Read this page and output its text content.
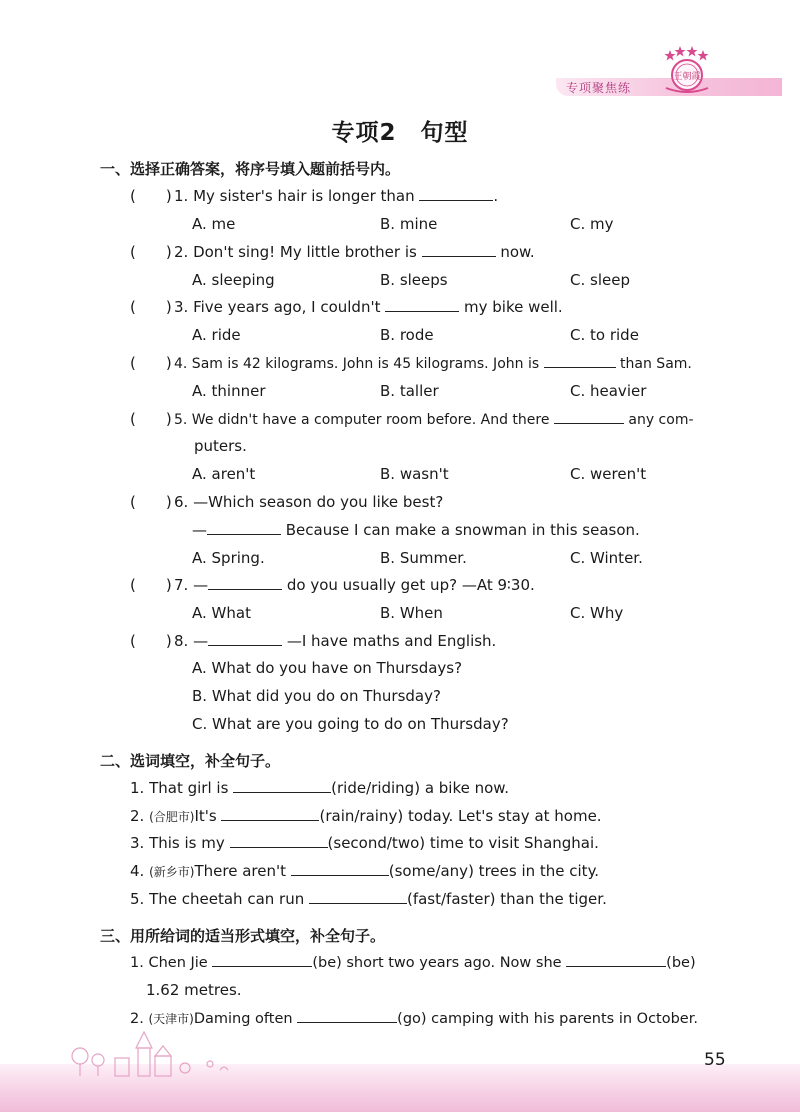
专项聚焦练
王朝霞
专项2　句型
一、选择正确答案，将序号填入题前括号内。
(　　) 1. My sister's hair is longer than	.
A. me	B. mine	C. my
(　　) 2. Don't sing! My little brother is	now.
A. sleeping	B. sleeps	C. sleep
(　　) 3. Five years ago, I couldn't	my bike well.
A. ride	B. rode	C. to ride
(　　) 4. Sam is 42 kilograms. John is 45 kilograms. John is	than Sam.
A. thinner	B. taller	C. heavier
(　　) 5. We didn't have a computer room before. And there	any com-
puters.
A. aren't	B. wasn't	C. weren't
(　　) 6. —Which season do you like best?
—	Because I can make a snowman in this season.
A. Spring.	B. Summer.	C. Winter.
(　　) 7. —	do you usually get up? —At 9∶30.
A. What	B. When	C. Why
(　　) 8. —	—I have maths and English.
A. What do you have on Thursdays?
B. What did you do on Thursday?
C. What are you going to do on Thursday?
二、选词填空，补全句子。
1. That girl is	(ride/riding) a bike now.
2. (合肥市)It's	(rain/rainy) today. Let's stay at home.
3. This is my	(second/two) time to visit Shanghai.
4. (新乡市)There aren't	(some/any) trees in the city.
5. The cheetah can run	(fast/faster) than the tiger.
三、用所给词的适当形式填空，补全句子。
1. Chen Jie	(be) short two years ago. Now she	(be)
1.62 metres.
2. (天津市)Daming often	(go) camping with his parents in October.
55
